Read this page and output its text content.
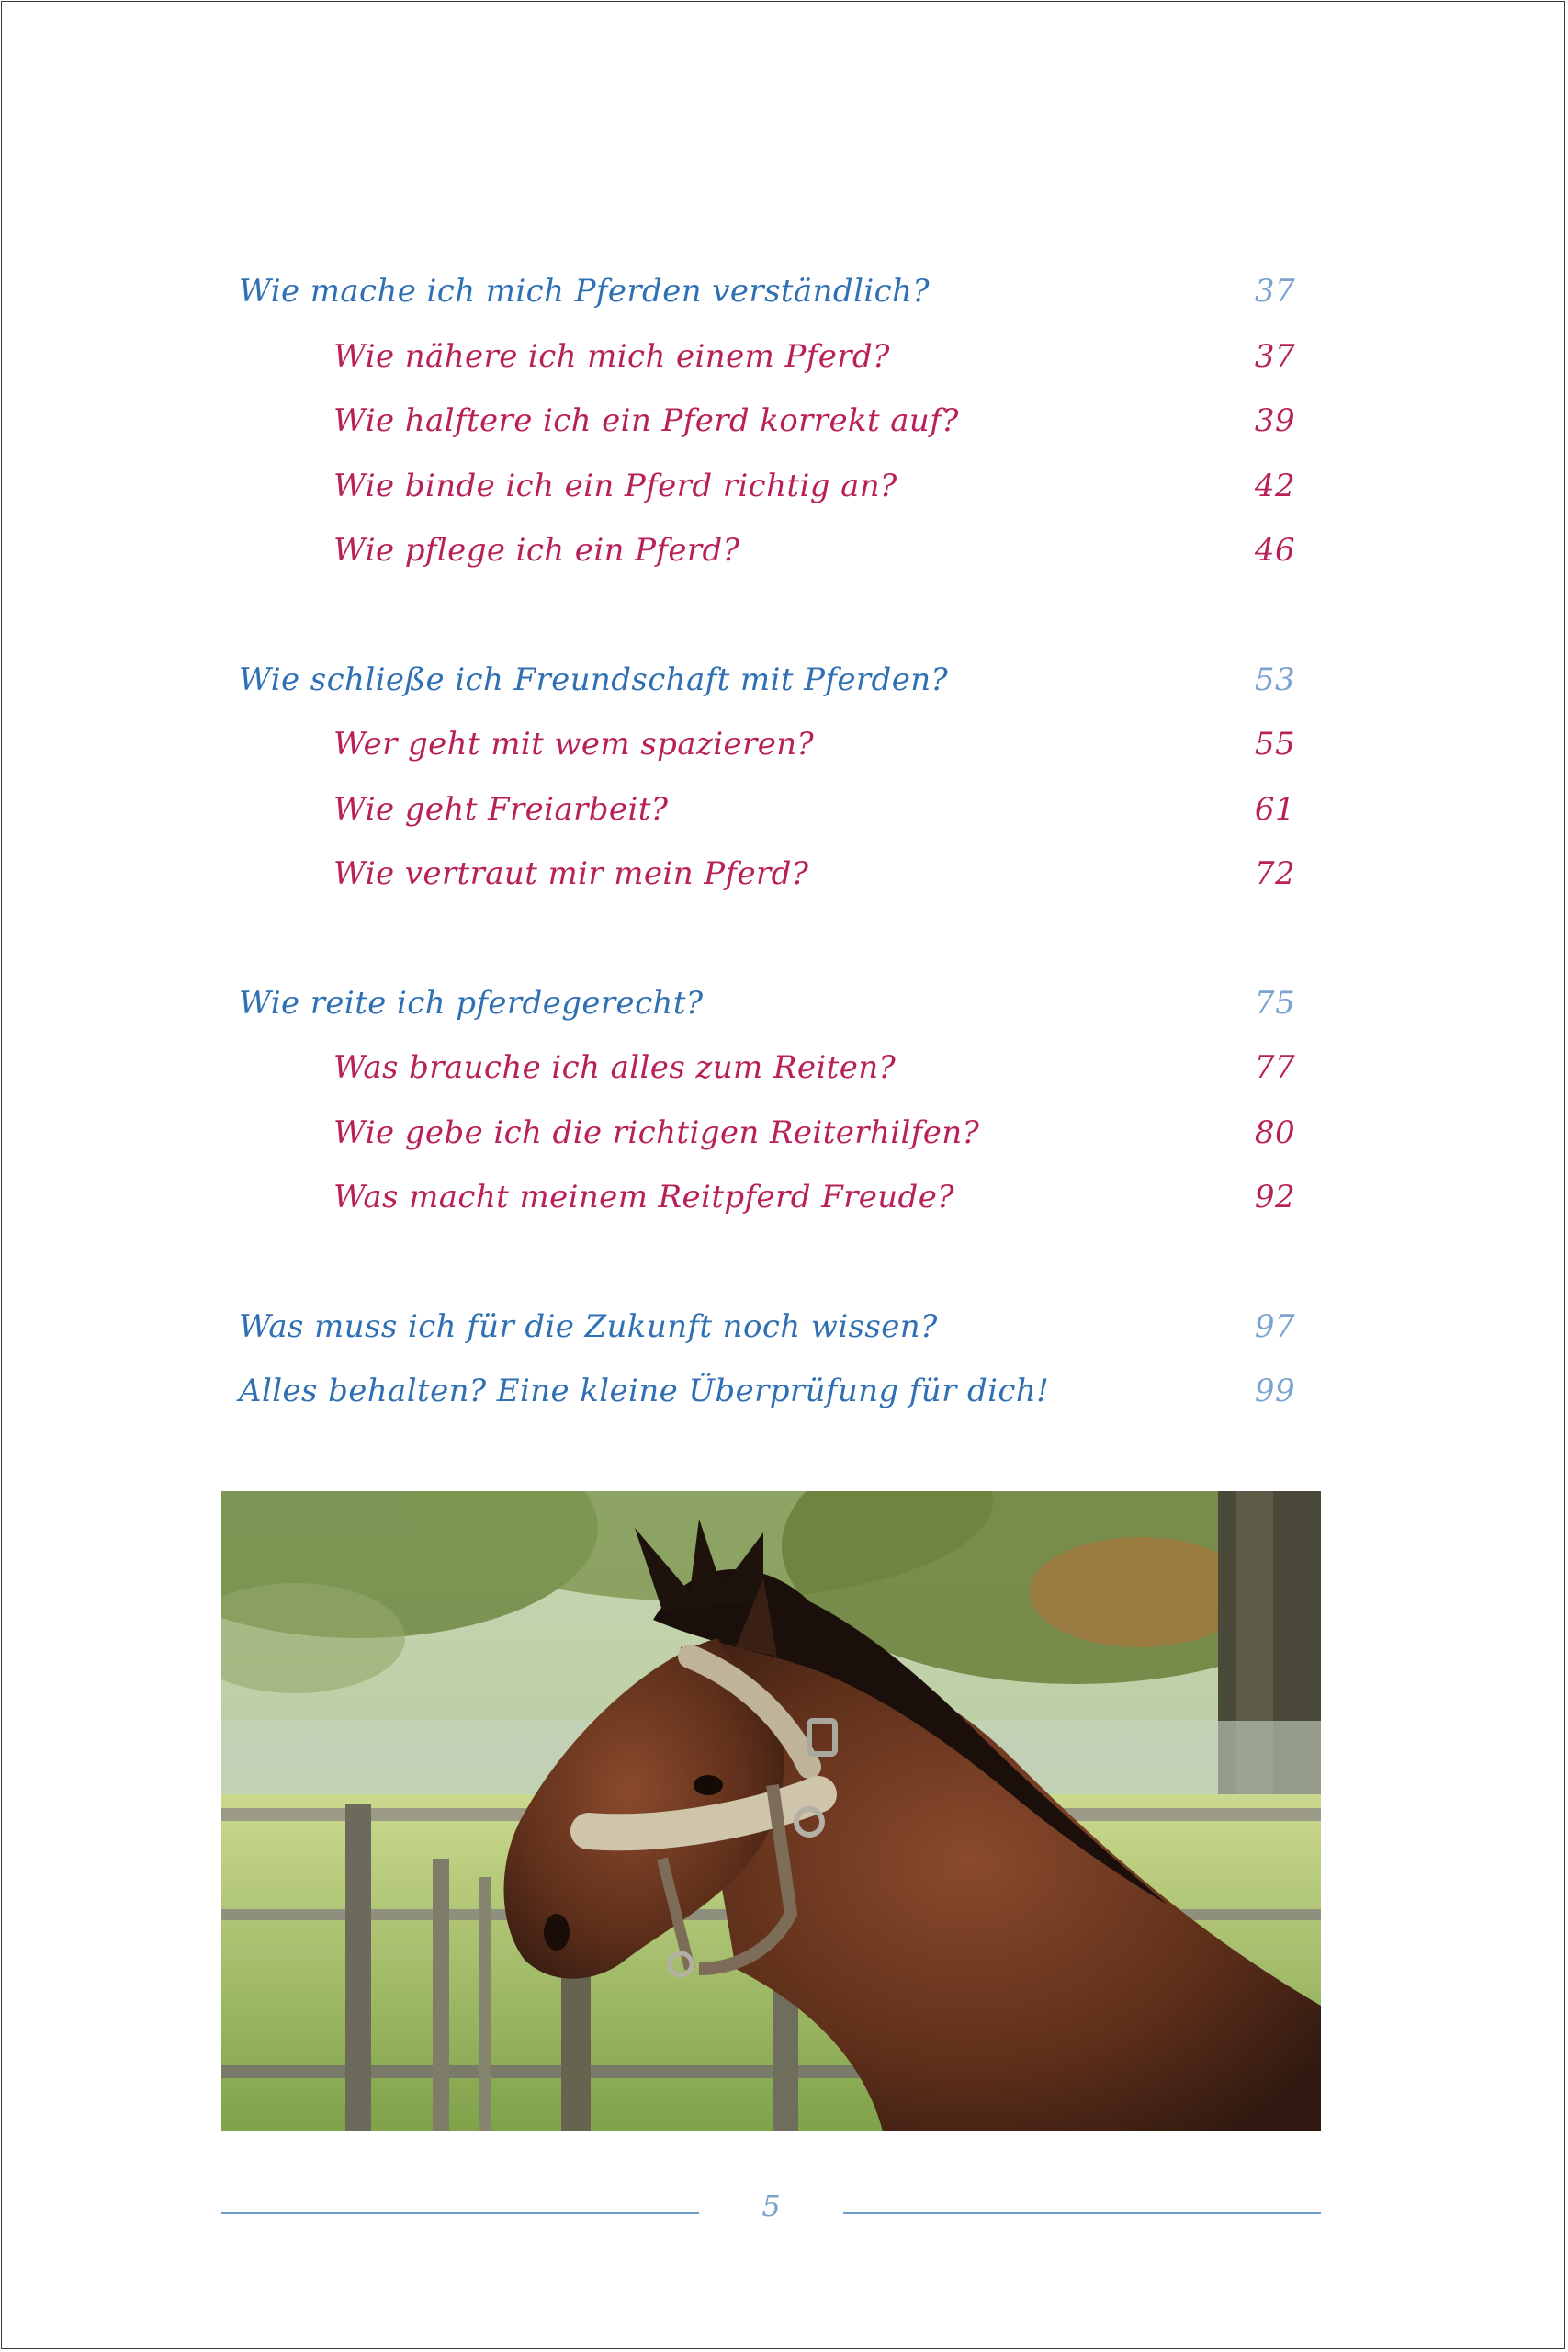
Wie mache ich mich Pferden verständlich?	37
Wie nähere ich mich einem Pferd?	37
Wie halftere ich ein Pferd korrekt auf?	39
Wie binde ich ein Pferd richtig an?	42
Wie pflege ich ein Pferd?	46
Wie schließe ich Freundschaft mit Pferden?	53
Wer geht mit wem spazieren?	55
Wie geht Freiarbeit?	61
Wie vertraut mir mein Pferd?	72
Wie reite ich pferdegerecht?	75
Was brauche ich alles zum Reiten?	77
Wie gebe ich die richtigen Reiterhilfen?	80
Was macht meinem Reitpferd Freude?	92
Was muss ich für die Zukunft noch wissen?	97
Alles behalten? Eine kleine Überprüfung für dich!	99
5
